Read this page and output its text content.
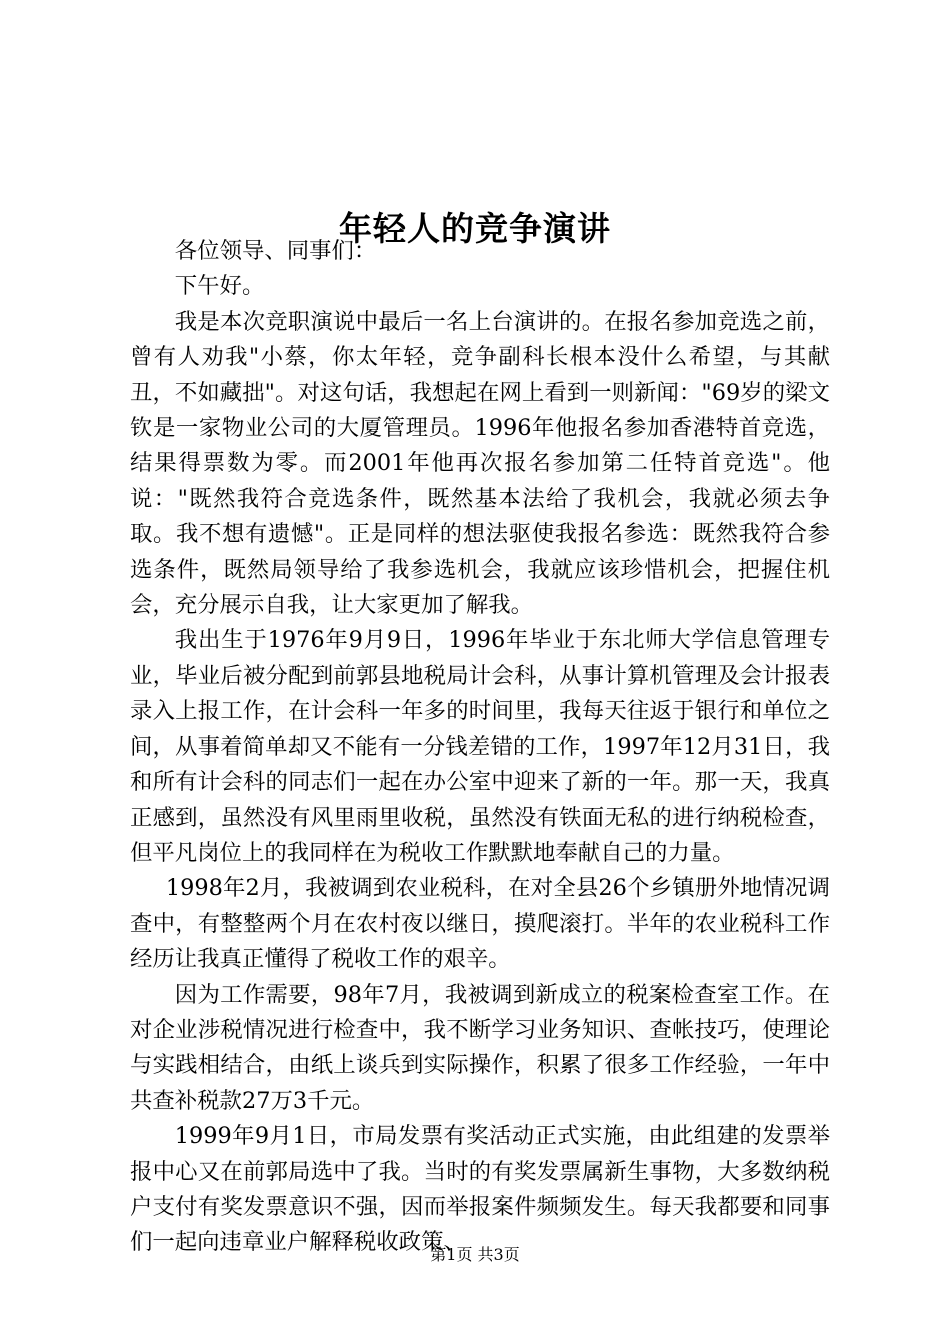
年轻人的竞争演讲

各位领导、同事们：

下午好。

我是本次竞职演说中最后一名上台演讲的。在报名参加竞选之前，曾有人劝我"小蔡，你太年轻，竞争副科长根本没什么希望，与其献丑，不如藏拙"。对这句话，我想起在网上看到一则新闻："69岁的梁文钦是一家物业公司的大厦管理员。1996年他报名参加香港特首竞选，结果得票数为零。而2001年他再次报名参加第二任特首竞选"。他说："既然我符合竞选条件，既然基本法给了我机会，我就必须去争取。我不想有遗憾"。正是同样的想法驱使我报名参选：既然我符合参选条件，既然局领导给了我参选机会，我就应该珍惜机会，把握住机会，充分展示自我，让大家更加了解我。

我出生于1976年9月9日，1996年毕业于东北师大学信息管理专业，毕业后被分配到前郭县地税局计会科，从事计算机管理及会计报表录入上报工作，在计会科一年多的时间里，我每天往返于银行和单位之间，从事着简单却又不能有一分钱差错的工作，1997年12月31日，我和所有计会科的同志们一起在办公室中迎来了新的一年。那一天，我真正感到，虽然没有风里雨里收税，虽然没有铁面无私的进行纳税检查，但平凡岗位上的我同样在为税收工作默默地奉献自己的力量。

1998年2月，我被调到农业税科，在对全县26个乡镇册外地情况调查中，有整整两个月在农村夜以继日，摸爬滚打。半年的农业税科工作经历让我真正懂得了税收工作的艰辛。

因为工作需要，98年7月，我被调到新成立的税案检查室工作。在对企业涉税情况进行检查中，我不断学习业务知识、查帐技巧，使理论与实践相结合，由纸上谈兵到实际操作，积累了很多工作经验，一年中共查补税款27万3千元。

1999年9月1日，市局发票有奖活动正式实施，由此组建的发票举报中心又在前郭局选中了我。当时的有奖发票属新生事物，大多数纳税户支付有奖发票意识不强，因而举报案件频频发生。每天我都要和同事们一起向违章业户解释税收政策、

第1页 共3页
